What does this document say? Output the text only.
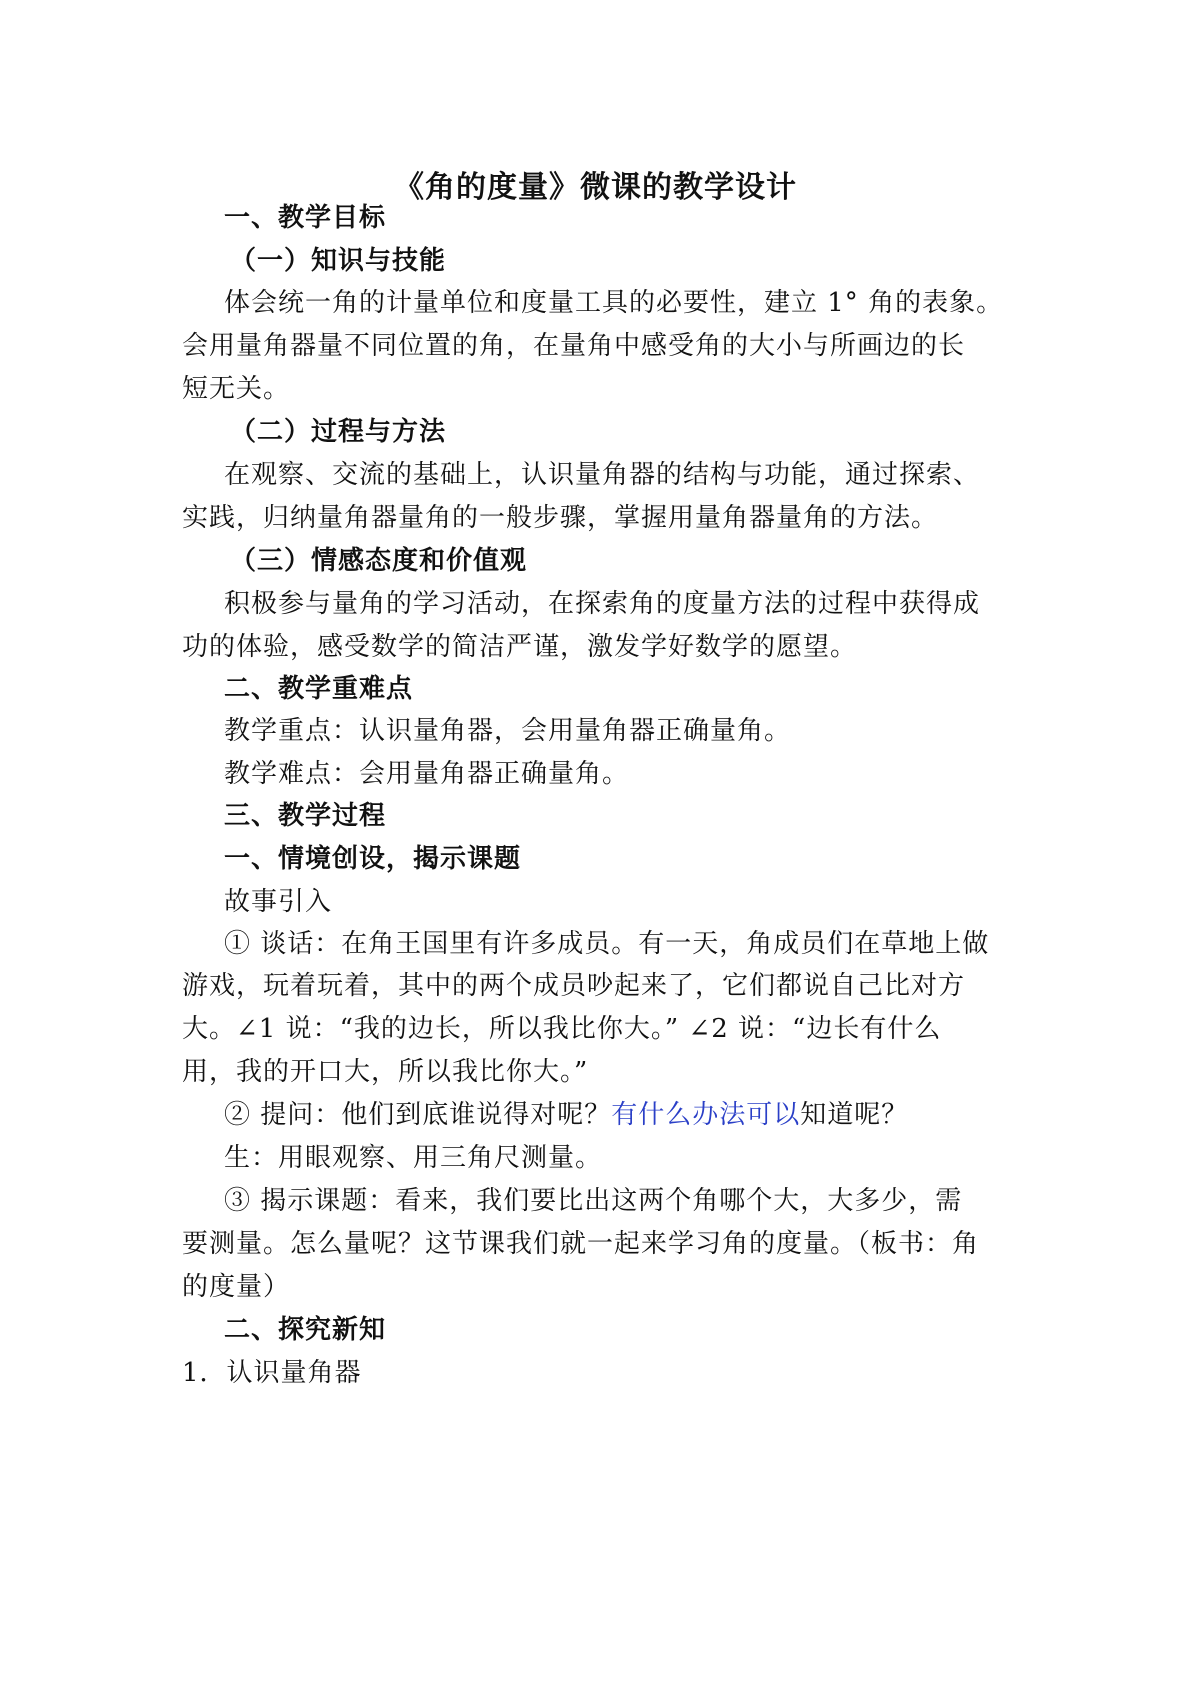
《角的度量》微课的教学设计
一、教学目标
（一）知识与技能
体会统一角的计量单位和度量工具的必要性，建立 1° 角的表象。
会用量角器量不同位置的角，在量角中感受角的大小与所画边的长
短无关。
（二）过程与方法
在观察、交流的基础上，认识量角器的结构与功能，通过探索、
实践，归纳量角器量角的一般步骤，掌握用量角器量角的方法。
（三）情感态度和价值观
积极参与量角的学习活动，在探索角的度量方法的过程中获得成
功的体验，感受数学的简洁严谨，激发学好数学的愿望。
二、教学重难点
教学重点：认识量角器，会用量角器正确量角。
教学难点：会用量角器正确量角。
三、教学过程
一、情境创设，揭示课题
故事引入
① 谈话：在角王国里有许多成员。有一天，角成员们在草地上做
游戏，玩着玩着，其中的两个成员吵起来了，它们都说自己比对方
大。∠1 说：“我的边长，所以我比你大。” ∠2 说：“边长有什么
用，我的开口大，所以我比你大。”
② 提问：他们到底谁说得对呢？有什么办法可以知道呢？
生：用眼观察、用三角尺测量。
③ 揭示课题：看来，我们要比出这两个角哪个大，大多少，需
要测量。怎么量呢？这节课我们就一起来学习角的度量。（板书：角
的度量）
二、探究新知
1．认识量角器
